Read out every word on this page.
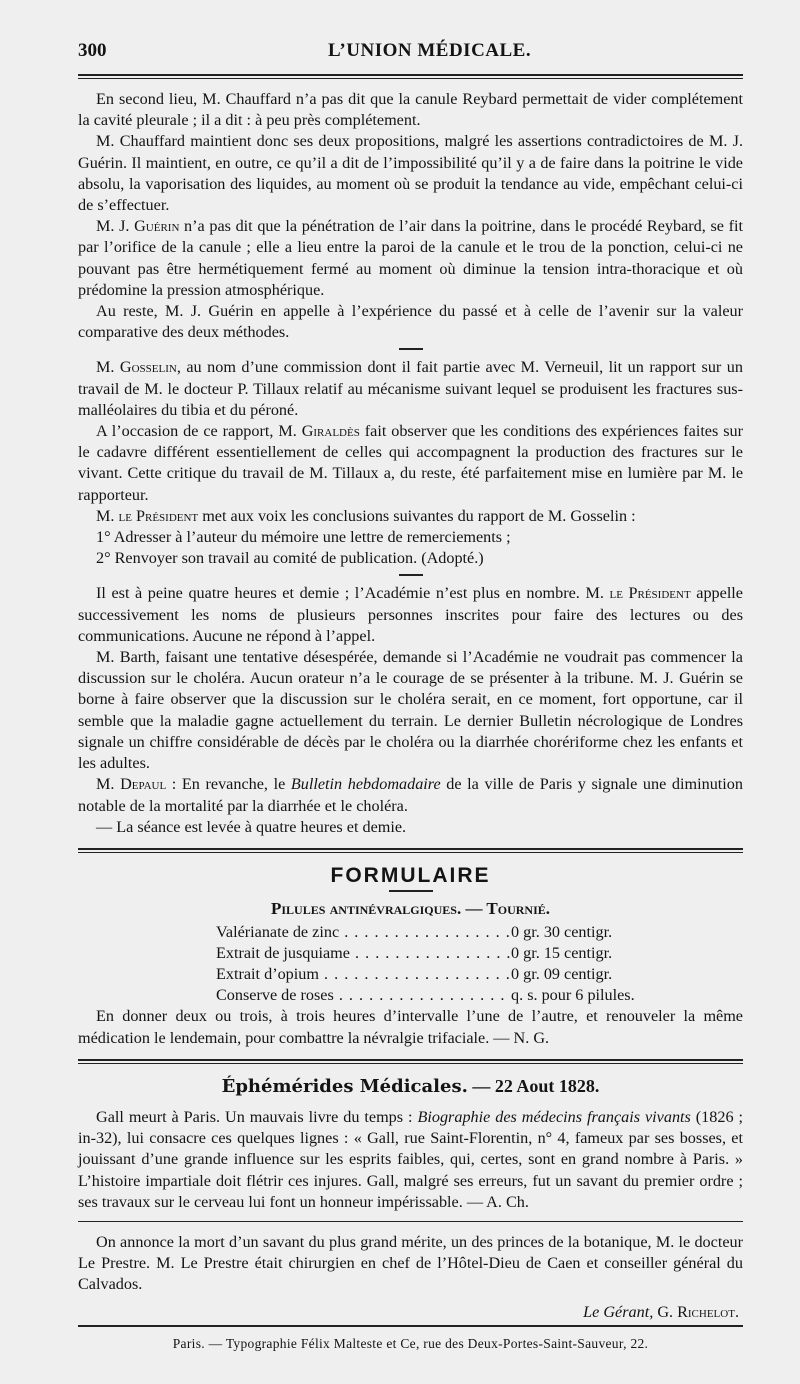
300	L’UNION MÉDICALE.

En second lieu, M. Chauffard n’a pas dit que la canule Reybard permettait de vider complétement la cavité pleurale ; il a dit : à peu près complétement.

M. Chauffard maintient donc ses deux propositions, malgré les assertions contradictoires de M. J. Guérin. Il maintient, en outre, ce qu’il a dit de l’impossibilité qu’il y a de faire dans la poitrine le vide absolu, la vaporisation des liquides, au moment où se produit la tendance au vide, empêchant celui-ci de s’effectuer.

M. J. Guérin n’a pas dit que la pénétration de l’air dans la poitrine, dans le procédé Reybard, se fit par l’orifice de la canule ; elle a lieu entre la paroi de la canule et le trou de la ponction, celui-ci ne pouvant pas être hermétiquement fermé au moment où diminue la tension intra-thoracique et où prédomine la pression atmosphérique.

Au reste, M. J. Guérin en appelle à l’expérience du passé et à celle de l’avenir sur la valeur comparative des deux méthodes.

M. Gosselin, au nom d’une commission dont il fait partie avec M. Verneuil, lit un rapport sur un travail de M. le docteur P. Tillaux relatif au mécanisme suivant lequel se produisent les fractures sus-malléolaires du tibia et du péroné.

A l’occasion de ce rapport, M. Giraldès fait observer que les conditions des expériences faites sur le cadavre différent essentiellement de celles qui accompagnent la production des fractures sur le vivant. Cette critique du travail de M. Tillaux a, du reste, été parfaitement mise en lumière par M. le rapporteur.

M. le Président met aux voix les conclusions suivantes du rapport de M. Gosselin :

1° Adresser à l’auteur du mémoire une lettre de remerciements ;

2° Renvoyer son travail au comité de publication. (Adopté.)

Il est à peine quatre heures et demie ; l’Académie n’est plus en nombre. M. le Président appelle successivement les noms de plusieurs personnes inscrites pour faire des lectures ou des communications. Aucune ne répond à l’appel.

M. Barth, faisant une tentative désespérée, demande si l’Académie ne voudrait pas commencer la discussion sur le choléra. Aucun orateur n’a le courage de se présenter à la tribune. M. J. Guérin se borne à faire observer que la discussion sur le choléra serait, en ce moment, fort opportune, car il semble que la maladie gagne actuellement du terrain. Le dernier Bulletin nécrologique de Londres signale un chiffre considérable de décès par le choléra ou la diarrhée chorériforme chez les enfants et les adultes.

M. Depaul : En revanche, le Bulletin hebdomadaire de la ville de Paris y signale une diminution notable de la mortalité par la diarrhée et le choléra.

— La séance est levée à quatre heures et demie.

FORMULAIRE
Pilules antinévralgiques. — Tournié.
Valérianate de zinc . . .	0 gr. 30 centigr.
Extrait de jusquiame . . .	0 gr. 15 centigr.
Extrait d’opium . . .	0 gr. 09 centigr.
Conserve de roses . . .	q. s. pour 6 pilules.

En donner deux ou trois, à trois heures d’intervalle l’une de l’autre, et renouveler la même médication le lendemain, pour combattre la névralgie trifaciale. — N. G.

Éphémérides Médicales. — 22 Aout 1828.

Gall meurt à Paris. Un mauvais livre du temps : Biographie des médecins français vivants (1826 ; in-32), lui consacre ces quelques lignes : « Gall, rue Saint-Florentin, n° 4, fameux par ses bosses, et jouissant d’une grande influence sur les esprits faibles, qui, certes, sont en grand nombre à Paris. » L’histoire impartiale doit flétrir ces injures. Gall, malgré ses erreurs, fut un savant du premier ordre ; ses travaux sur le cerveau lui font un honneur impérissable. — A. Ch.

On annonce la mort d’un savant du plus grand mérite, un des princes de la botanique, M. le docteur Le Prestre. M. Le Prestre était chirurgien en chef de l’Hôtel-Dieu de Caen et conseiller général du Calvados.

Le Gérant, G. Richelot.
Paris. — Typographie Félix Malteste et Ce, rue des Deux-Portes-Saint-Sauveur, 22.
